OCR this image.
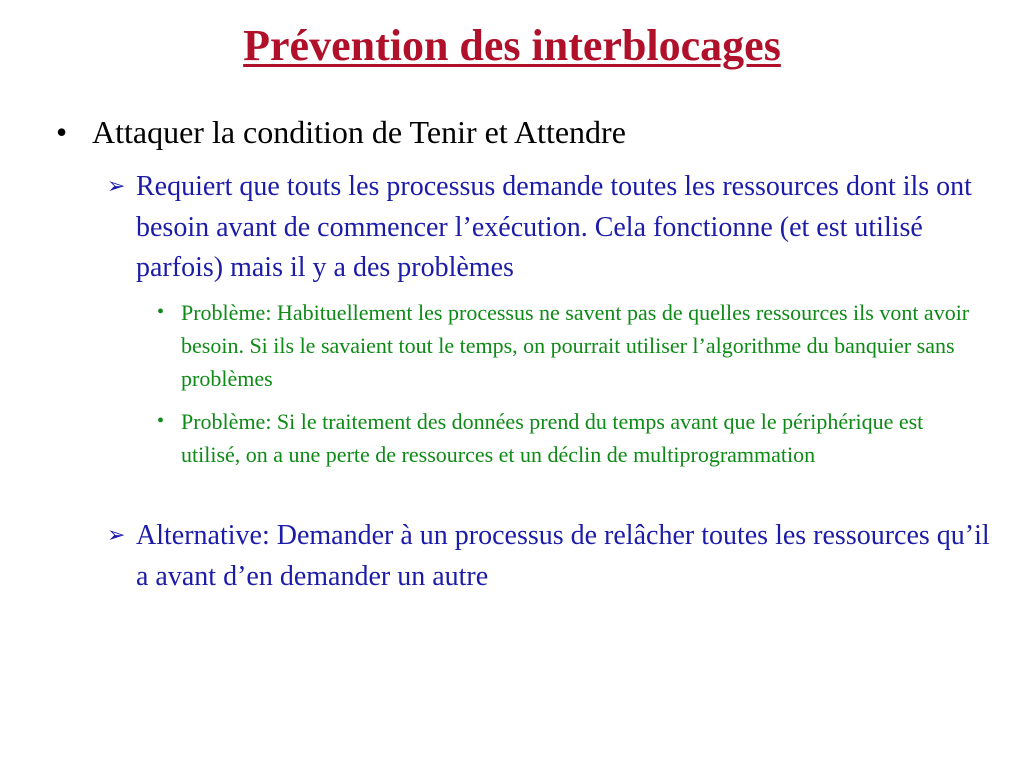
Prévention des interblocages
• Attaquer la condition de Tenir et Attendre
➢ Requiert que touts les processus demande toutes les ressources dont ils ont besoin avant de commencer l’exécution. Cela fonctionne (et est utilisé parfois) mais il y a des problèmes
• Problème: Habituellement les processus ne savent pas de quelles ressources ils vont avoir besoin. Si ils le savaient tout le temps, on pourrait utiliser l’algorithme du banquier sans problèmes
• Problème: Si le traitement des données prend du temps avant que le périphérique est utilisé, on a une perte de ressources et un déclin de multiprogrammation
➢ Alternative: Demander à un processus de relâcher toutes les ressources qu’il a avant d’en demander un autre
